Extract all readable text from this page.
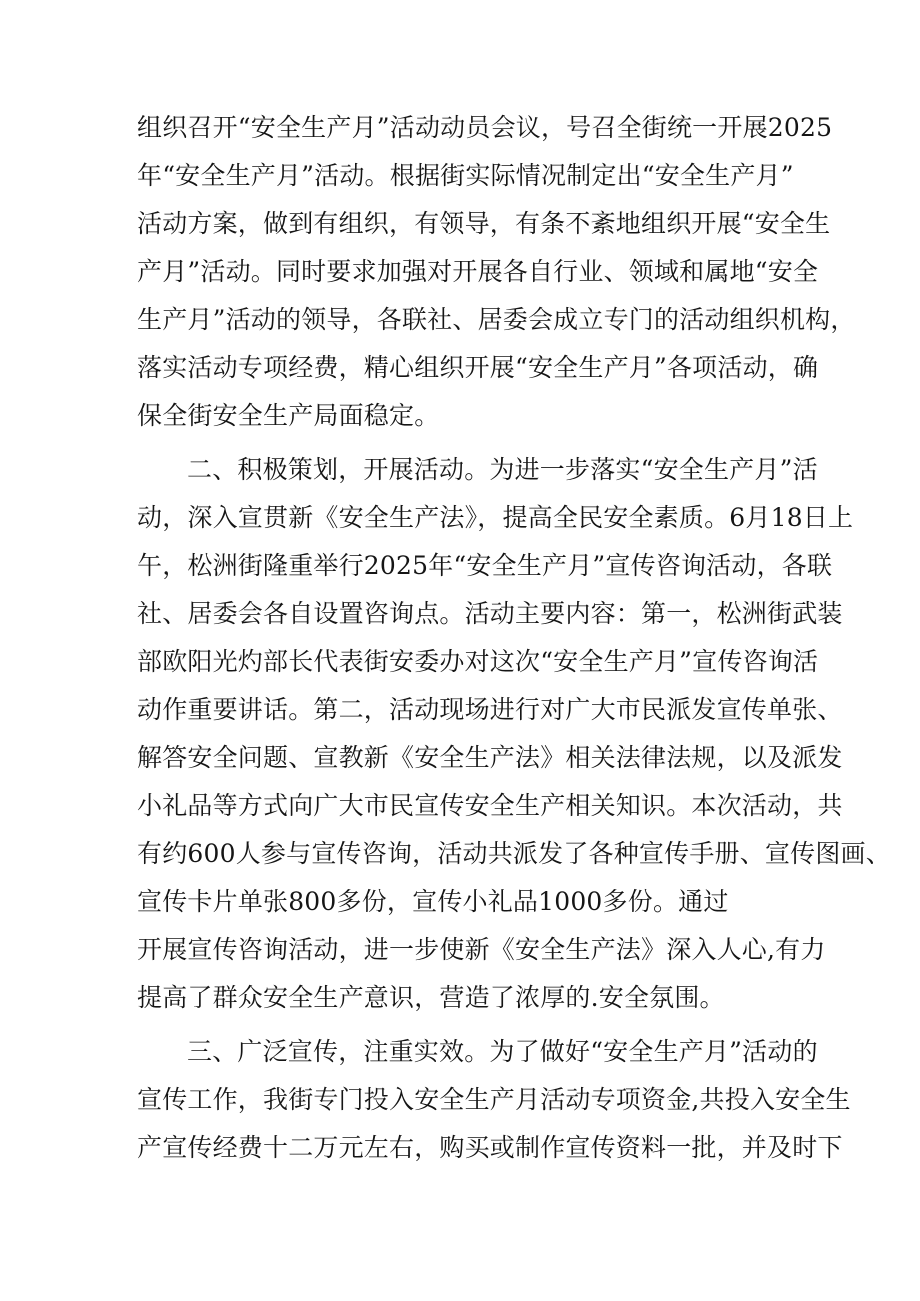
组织召开“安全生产月”活动动员会议，号召全街统一开展2025
年“安全生产月”活动。根据街实际情况制定出“安全生产月”
活动方案，做到有组织，有领导，有条不紊地组织开展“安全生
产月”活动。同时要求加强对开展各自行业、领域和属地“安全
生产月”活动的领导，各联社、居委会成立专门的活动组织机构，
落实活动专项经费，精心组织开展“安全生产月”各项活动，确
保全街安全生产局面稳定。
二、积极策划，开展活动。为进一步落实“安全生产月”活
动，深入宣贯新《安全生产法》，提高全民安全素质。6月18日上
午，松洲街隆重举行2025年“安全生产月”宣传咨询活动，各联
社、居委会各自设置咨询点。活动主要内容：第一，松洲街武装
部欧阳光灼部长代表街安委办对这次“安全生产月”宣传咨询活
动作重要讲话。第二，活动现场进行对广大市民派发宣传单张、
解答安全问题、宣教新《安全生产法》相关法律法规，以及派发
小礼品等方式向广大市民宣传安全生产相关知识。本次活动，共
有约600人参与宣传咨询，活动共派发了各种宣传手册、宣传图画、
宣传卡片单张800多份，宣传小礼品1000多份。通过
开展宣传咨询活动，进一步使新《安全生产法》深入人心,有力
提高了群众安全生产意识，营造了浓厚的.安全氛围。
三、广泛宣传，注重实效。为了做好“安全生产月”活动的
宣传工作，我街专门投入安全生产月活动专项资金,共投入安全生
产宣传经费十二万元左右，购买或制作宣传资料一批，并及时下
